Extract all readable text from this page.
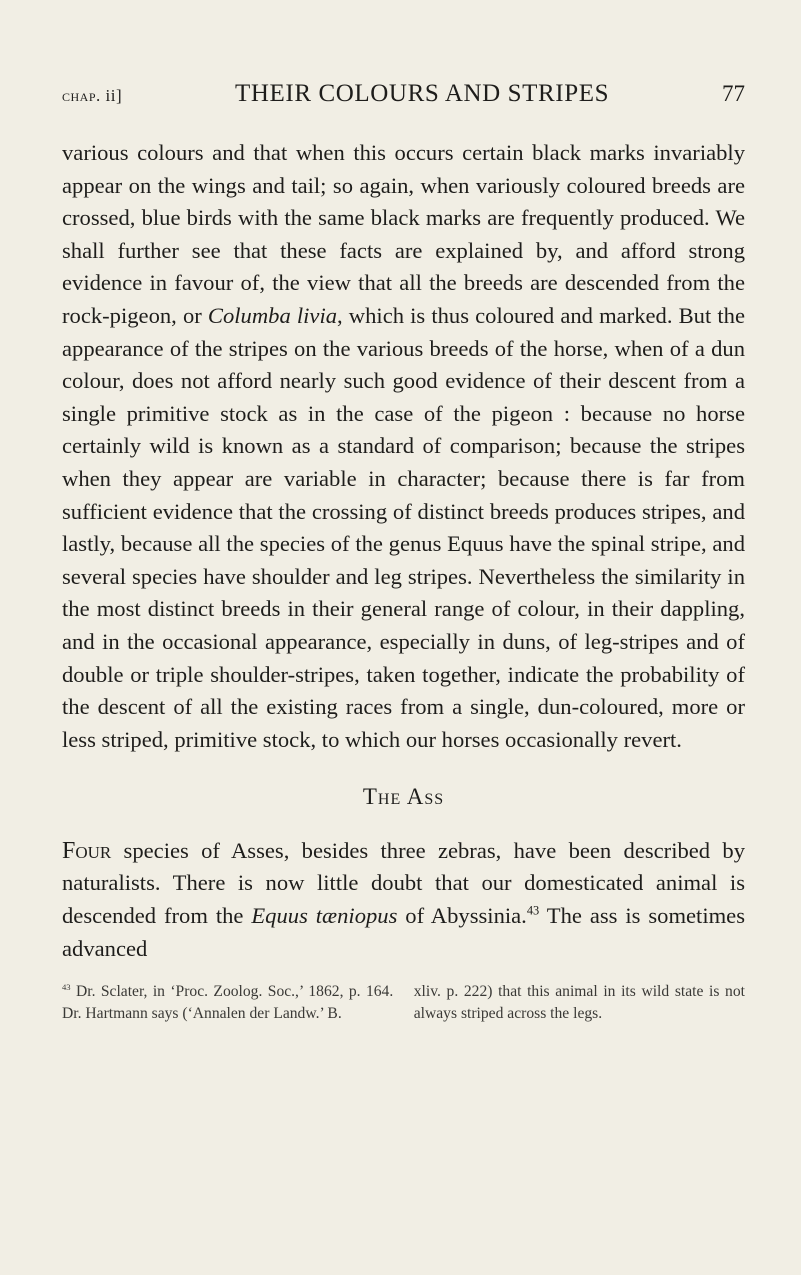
chap. ii]	THEIR COLOURS AND STRIPES	77

various colours and that when this occurs certain black marks invariably appear on the wings and tail; so again, when variously coloured breeds are crossed, blue birds with the same black marks are frequently produced. We shall further see that these facts are explained by, and afford strong evidence in favour of, the view that all the breeds are descended from the rock-pigeon, or Columba livia, which is thus coloured and marked. But the appearance of the stripes on the various breeds of the horse, when of a dun colour, does not afford nearly such good evidence of their descent from a single primitive stock as in the case of the pigeon : because no horse certainly wild is known as a standard of comparison; because the stripes when they appear are variable in character; because there is far from sufficient evidence that the crossing of distinct breeds produces stripes, and lastly, because all the species of the genus Equus have the spinal stripe, and several species have shoulder and leg stripes. Nevertheless the similarity in the most distinct breeds in their general range of colour, in their dappling, and in the occasional appearance, especially in duns, of leg-stripes and of double or triple shoulder-stripes, taken together, indicate the probability of the descent of all the existing races from a single, dun-coloured, more or less striped, primitive stock, to which our horses occasionally revert.

The Ass

Four species of Asses, besides three zebras, have been described by naturalists. There is now little doubt that our domesticated animal is descended from the Equus tæniopus of Abyssinia.$^{43}$ The ass is sometimes advanced

$^{43}$ Dr. Sclater, in ‘Proc. Zoolog. Soc.,’ 1862, p. 164. Dr. Hartmann says (‘Annalen der Landw.’ B.
xliv. p. 222) that this animal in its wild state is not always striped across the legs.
